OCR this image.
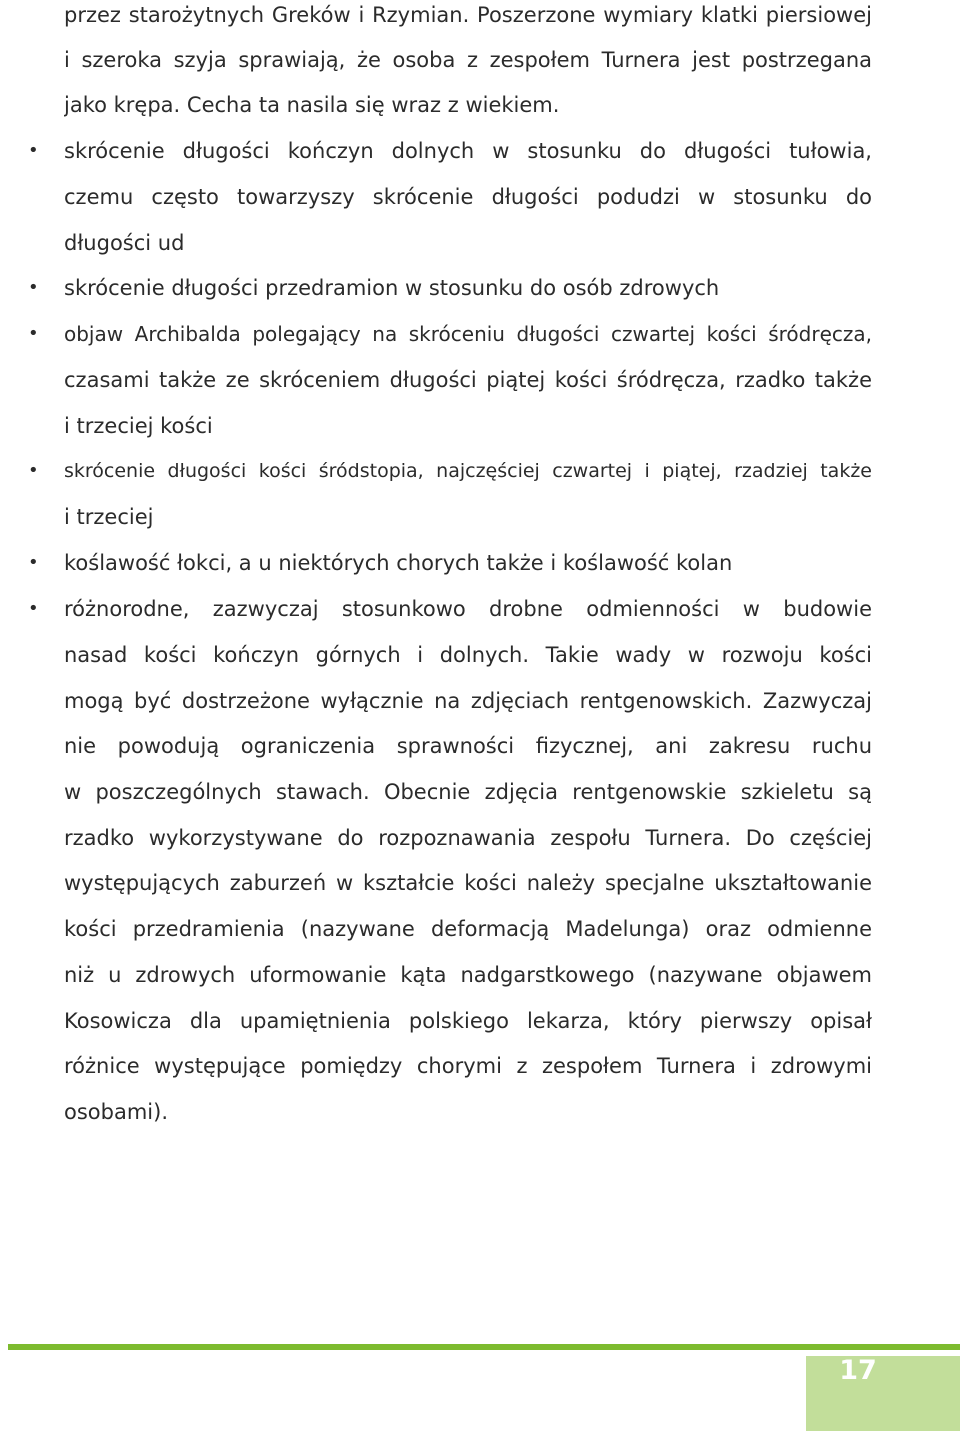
przez starożytnych Greków i Rzymian. Poszerzone wymiary klatki piersiowej
i szeroka szyja sprawiają, że osoba z zespołem Turnera jest postrzegana
jako krępa. Cecha ta nasila się wraz z wiekiem.
• skrócenie długości kończyn dolnych w stosunku do długości tułowia,
czemu często towarzyszy skrócenie długości podudzi w stosunku do
długości ud
• skrócenie długości przedramion w stosunku do osób zdrowych
• objaw Archibalda polegający na skróceniu długości czwartej kości śródręcza,
czasami także ze skróceniem długości piątej kości śródręcza, rzadko także
i trzeciej kości
• skrócenie długości kości śródstopia, najczęściej czwartej i piątej, rzadziej także
i trzeciej
• koślawość łokci, a u niektórych chorych także i koślawość kolan
• różnorodne, zazwyczaj stosunkowo drobne odmienności w budowie
nasad kości kończyn górnych i dolnych. Takie wady w rozwoju kości
mogą być dostrzeżone wyłącznie na zdjęciach rentgenowskich. Zazwyczaj
nie powodują ograniczenia sprawności fizycznej, ani zakresu ruchu
w poszczególnych stawach. Obecnie zdjęcia rentgenowskie szkieletu są
rzadko wykorzystywane do rozpoznawania zespołu Turnera. Do częściej
występujących zaburzeń w kształcie kości należy specjalne ukształtowanie
kości przedramienia (nazywane deformacją Madelunga) oraz odmienne
niż u zdrowych uformowanie kąta nadgarstkowego (nazywane objawem
Kosowicza dla upamiętnienia polskiego lekarza, który pierwszy opisał
różnice występujące pomiędzy chorymi z zespołem Turnera i zdrowymi
osobami).
17
